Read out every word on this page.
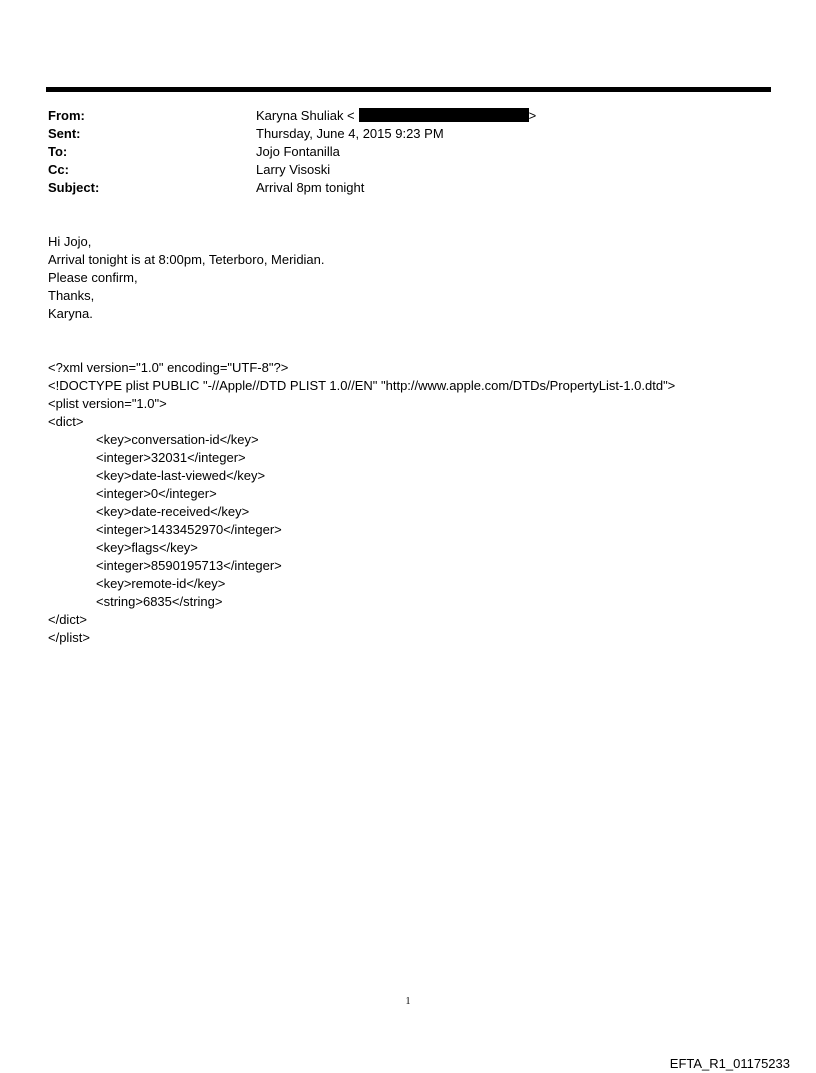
From:	Karyna Shuliak <	>
Sent:	Thursday, June 4, 2015 9:23 PM
To:	Jojo Fontanilla
Cc:	Larry Visoski
Subject:	Arrival 8pm tonight
Hi Jojo,
Arrival tonight is at 8:00pm, Teterboro, Meridian.
Please confirm,
Thanks,
Karyna.
<?xml version="1.0" encoding="UTF-8"?>
<!DOCTYPE plist PUBLIC "-//Apple//DTD PLIST 1.0//EN" "http://www.apple.com/DTDs/PropertyList-1.0.dtd">
<plist version="1.0">
<dict>
<key>conversation-id</key>
<integer>32031</integer>
<key>date-last-viewed</key>
<integer>0</integer>
<key>date-received</key>
<integer>1433452970</integer>
<key>flags</key>
<integer>8590195713</integer>
<key>remote-id</key>
<string>6835</string>
</dict>
</plist>
1
EFTA_R1_01175233
